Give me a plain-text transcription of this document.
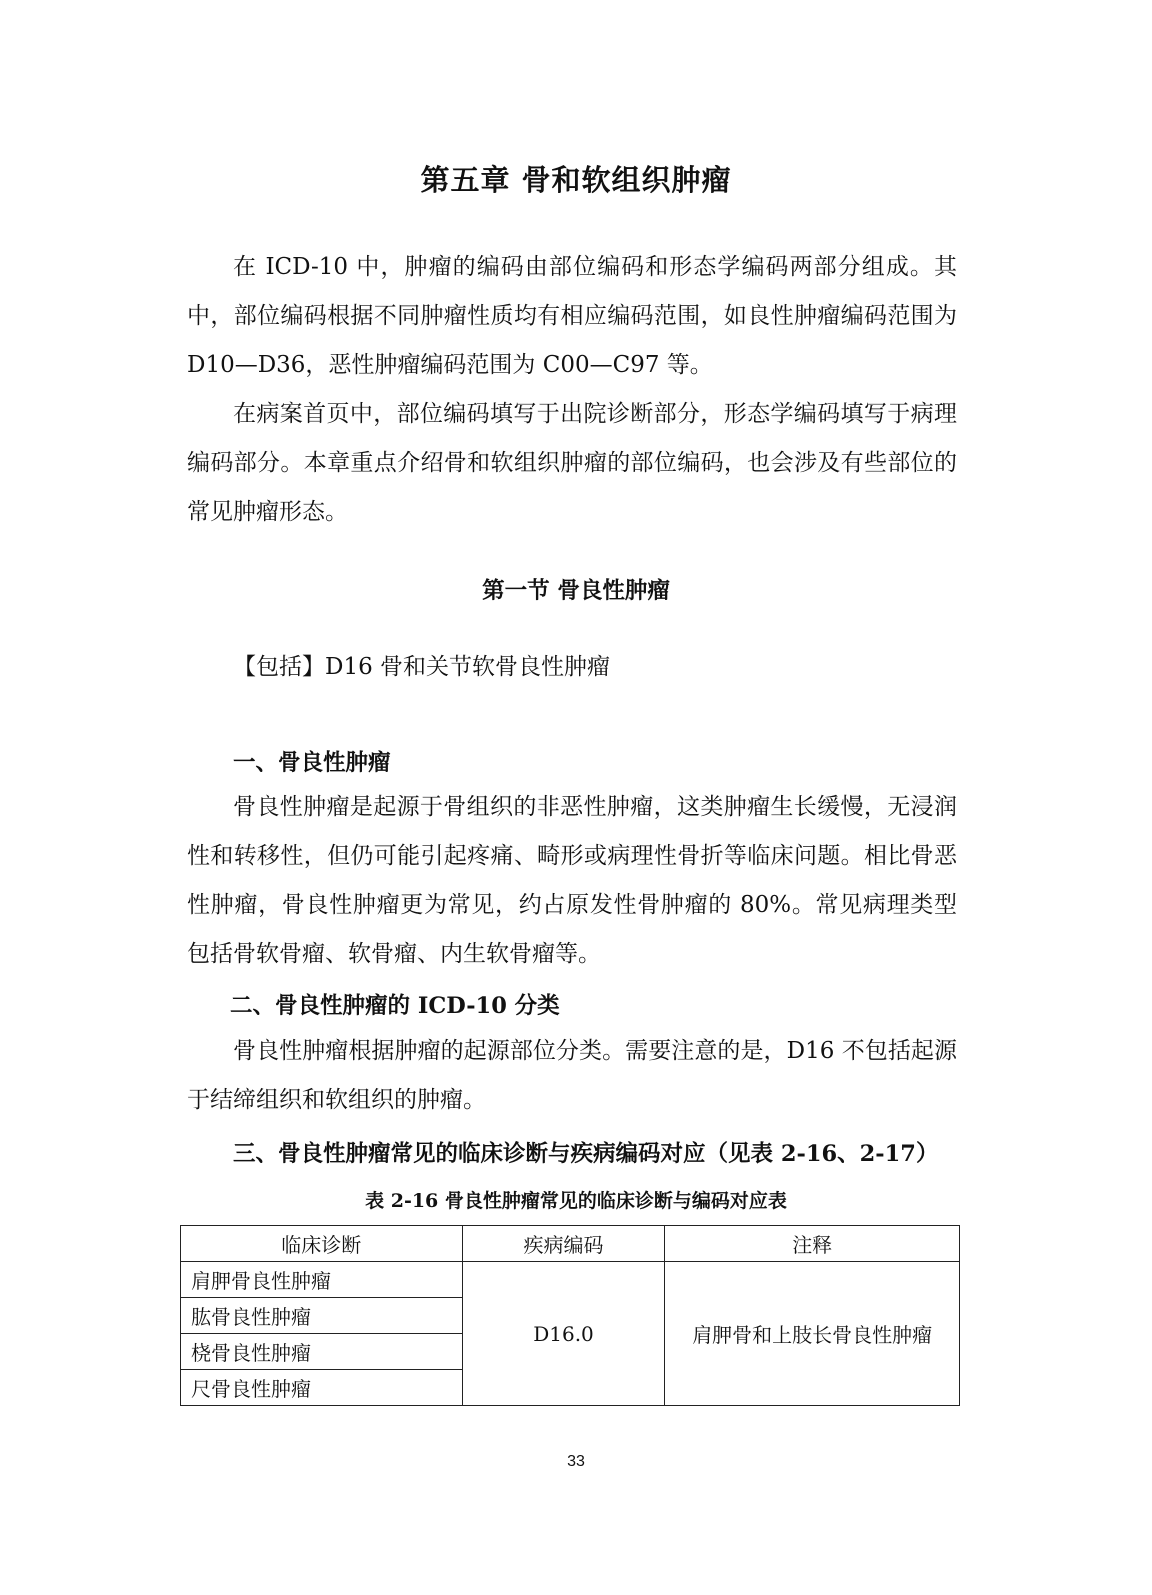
第五章 骨和软组织肿瘤
在 ICD-10 中，肿瘤的编码由部位编码和形态学编码两部分组成。其中，部位编码根据不同肿瘤性质均有相应编码范围，如良性肿瘤编码范围为 D10—D36，恶性肿瘤编码范围为 C00—C97 等。
在病案首页中，部位编码填写于出院诊断部分，形态学编码填写于病理编码部分。本章重点介绍骨和软组织肿瘤的部位编码，也会涉及有些部位的常见肿瘤形态。
第一节 骨良性肿瘤
【包括】D16 骨和关节软骨良性肿瘤
一、骨良性肿瘤
骨良性肿瘤是起源于骨组织的非恶性肿瘤，这类肿瘤生长缓慢，无浸润性和转移性，但仍可能引起疼痛、畸形或病理性骨折等临床问题。相比骨恶性肿瘤，骨良性肿瘤更为常见，约占原发性骨肿瘤的 80%。常见病理类型包括骨软骨瘤、软骨瘤、内生软骨瘤等。
二、骨良性肿瘤的 ICD-10 分类
骨良性肿瘤根据肿瘤的起源部位分类。需要注意的是，D16 不包括起源于结缔组织和软组织的肿瘤。
三、骨良性肿瘤常见的临床诊断与疾病编码对应（见表 2-16、2-17）
表 2-16 骨良性肿瘤常见的临床诊断与编码对应表
临床诊断	疾病编码	注释
肩胛骨良性肿瘤	D16.0	肩胛骨和上肢长骨良性肿瘤
肱骨良性肿瘤		
桡骨良性肿瘤		
尺骨良性肿瘤		
33
